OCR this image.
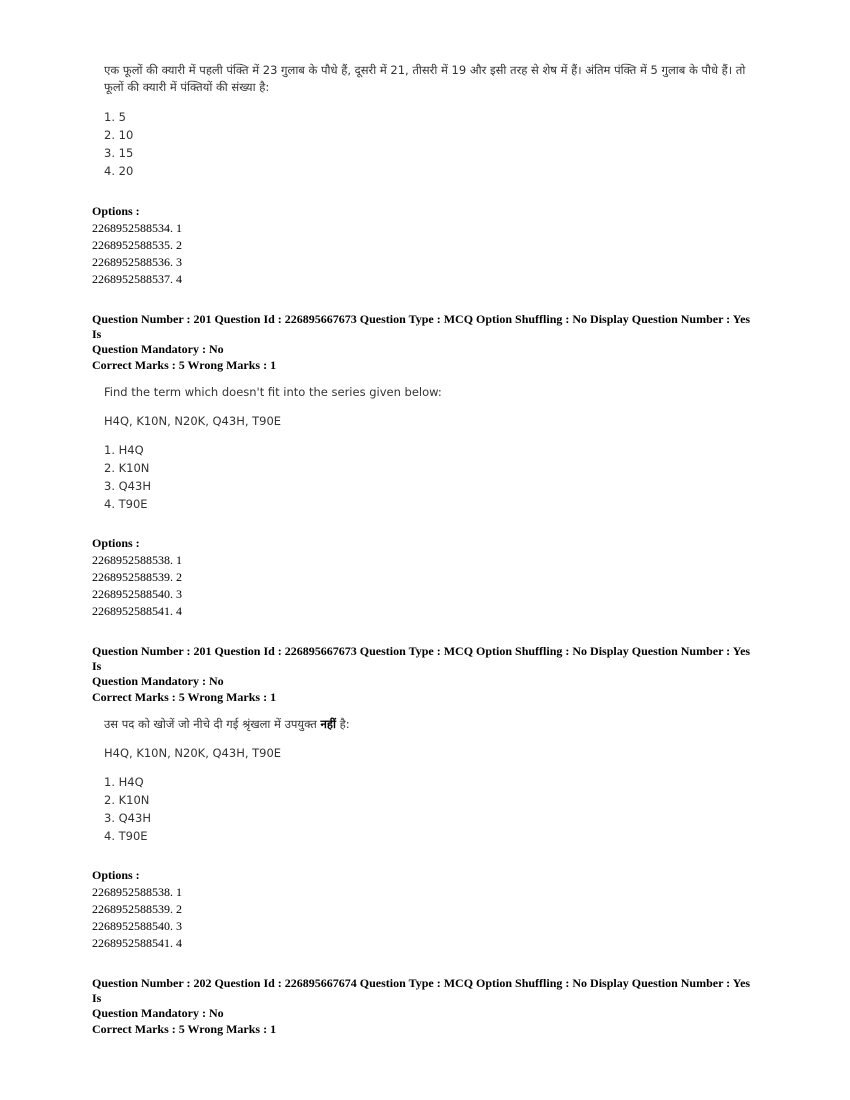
एक फूलों की क्यारी में पहली पंक्ति में 23 गुलाब के पौधे हैं, दूसरी में 21, तीसरी में 19 और इसी तरह से शेष में हैं। अंतिम पंक्ति में 5 गुलाब के पौधे हैं। तो फूलों की क्यारी में पंक्तियों की संख्या है:

1. 5
2. 10
3. 15
4. 20
Options :
2268952588534. 1
2268952588535. 2
2268952588536. 3
2268952588537. 4
Question Number : 201 Question Id : 226895667673 Question Type : MCQ Option Shuffling : No Display Question Number : Yes Is
Question Mandatory : No
Correct Marks : 5 Wrong Marks : 1

Find the term which doesn't fit into the series given below:

H4Q, K10N, N20K, Q43H, T90E

1. H4Q
2. K10N
3. Q43H
4. T90E
Options :
2268952588538. 1
2268952588539. 2
2268952588540. 3
2268952588541. 4
Question Number : 201 Question Id : 226895667673 Question Type : MCQ Option Shuffling : No Display Question Number : Yes Is
Question Mandatory : No
Correct Marks : 5 Wrong Marks : 1

उस पद को खोजें जो नीचे दी गई श्रृंखला में उपयुक्त नहीं है:

H4Q, K10N, N20K, Q43H, T90E

1. H4Q
2. K10N
3. Q43H
4. T90E
Options :
2268952588538. 1
2268952588539. 2
2268952588540. 3
2268952588541. 4
Question Number : 202 Question Id : 226895667674 Question Type : MCQ Option Shuffling : No Display Question Number : Yes Is
Question Mandatory : No
Correct Marks : 5 Wrong Marks : 1
